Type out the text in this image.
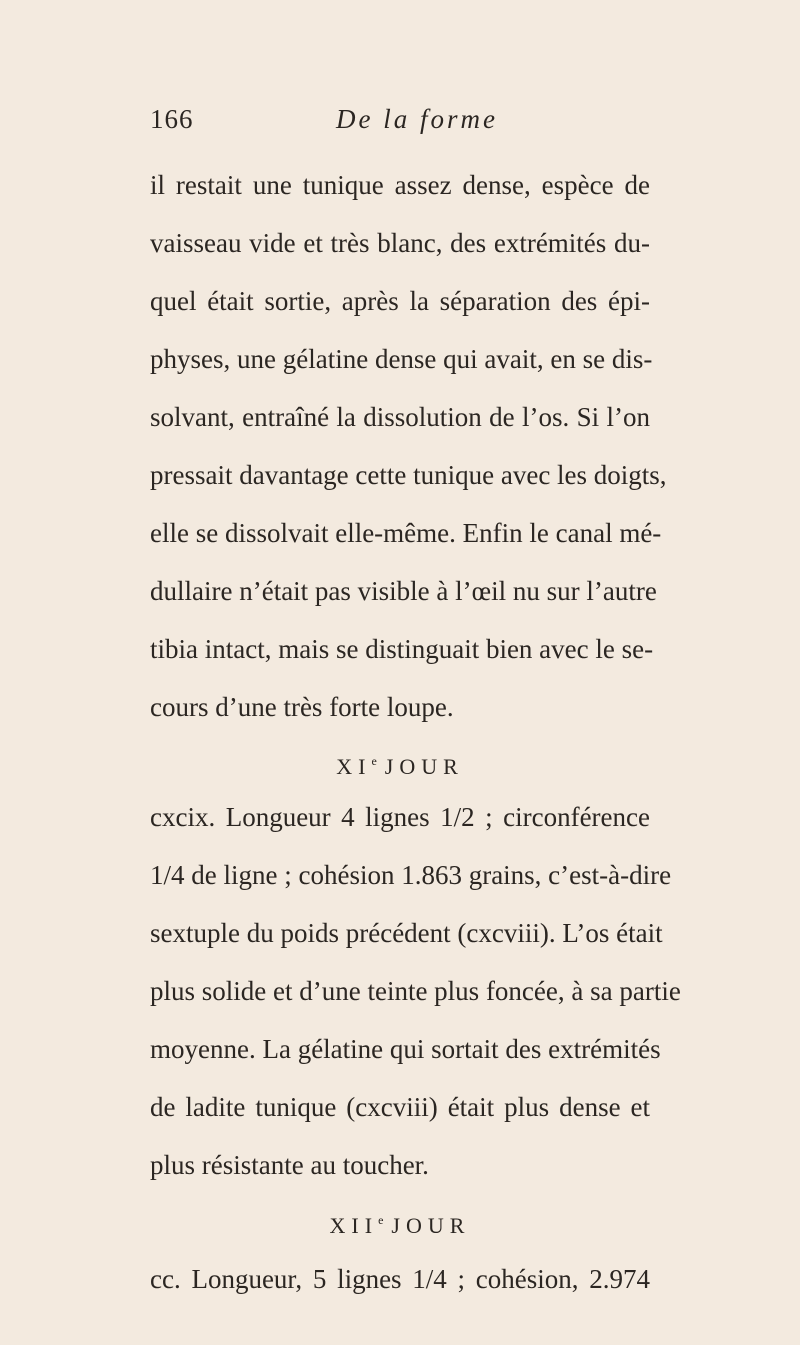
166	De la forme
il restait une tunique assez dense, espèce de
vaisseau vide et très blanc, des extrémités du-
quel était sortie, après la séparation des épi-
physes, une gélatine dense qui avait, en se dis-
solvant, entraîné la dissolution de l’os. Si l’on
pressait davantage cette tunique avec les doigts,
elle se dissolvait elle-même. Enfin le canal mé-
dullaire n’était pas visible à l’œil nu sur l’autre
tibia intact, mais se distinguait bien avec le se-
cours d’une très forte loupe.
XIe JOUR
cxcix. Longueur 4 lignes 1/2 ; circonférence
1/4 de ligne ; cohésion 1.863 grains, c’est-à-dire
sextuple du poids précédent (cxcviii). L’os était
plus solide et d’une teinte plus foncée, à sa partie
moyenne. La gélatine qui sortait des extrémités
de ladite tunique (cxcviii) était plus dense et
plus résistante au toucher.
XIIe JOUR
cc. Longueur, 5 lignes 1/4 ; cohésion, 2.974
